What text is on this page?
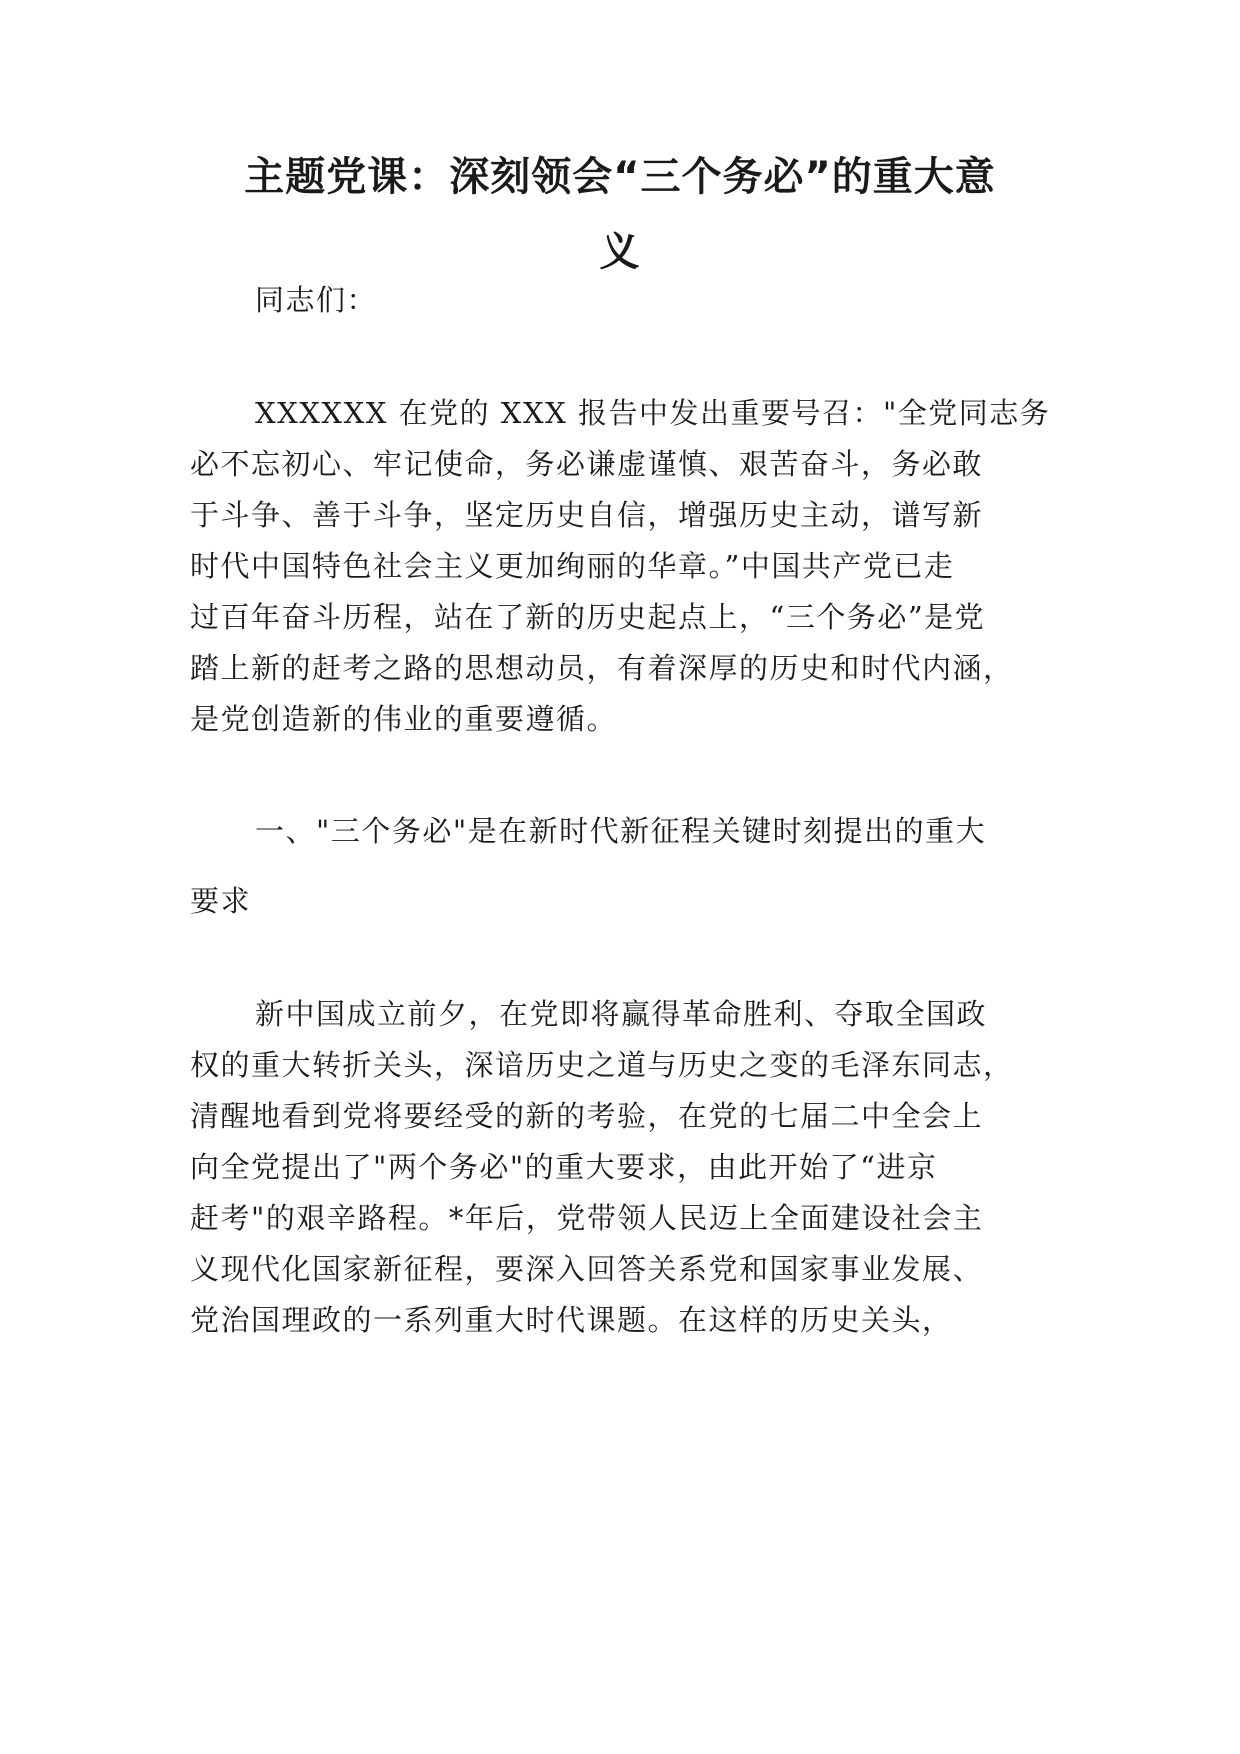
主题党课：深刻领会“三个务必”的重大意
义
同志们：
XXXXXX 在党的 XXX 报告中发出重要号召："全党同志务
必不忘初心、牢记使命，务必谦虚谨慎、艰苦奋斗，务必敢
于斗争、善于斗争，坚定历史自信，增强历史主动，谱写新
时代中国特色社会主义更加绚丽的华章。”中国共产党已走
过百年奋斗历程，站在了新的历史起点上，“三个务必”是党
踏上新的赶考之路的思想动员，有着深厚的历史和时代内涵，
是党创造新的伟业的重要遵循。
一、"三个务必"是在新时代新征程关键时刻提出的重大
要求
新中国成立前夕，在党即将赢得革命胜利、夺取全国政
权的重大转折关头，深谙历史之道与历史之变的毛泽东同志，
清醒地看到党将要经受的新的考验，在党的七届二中全会上
向全党提出了"两个务必"的重大要求，由此开始了“进京
赶考"的艰辛路程。*年后，党带领人民迈上全面建设社会主
义现代化国家新征程，要深入回答关系党和国家事业发展、
党治国理政的一系列重大时代课题。在这样的历史关头，
